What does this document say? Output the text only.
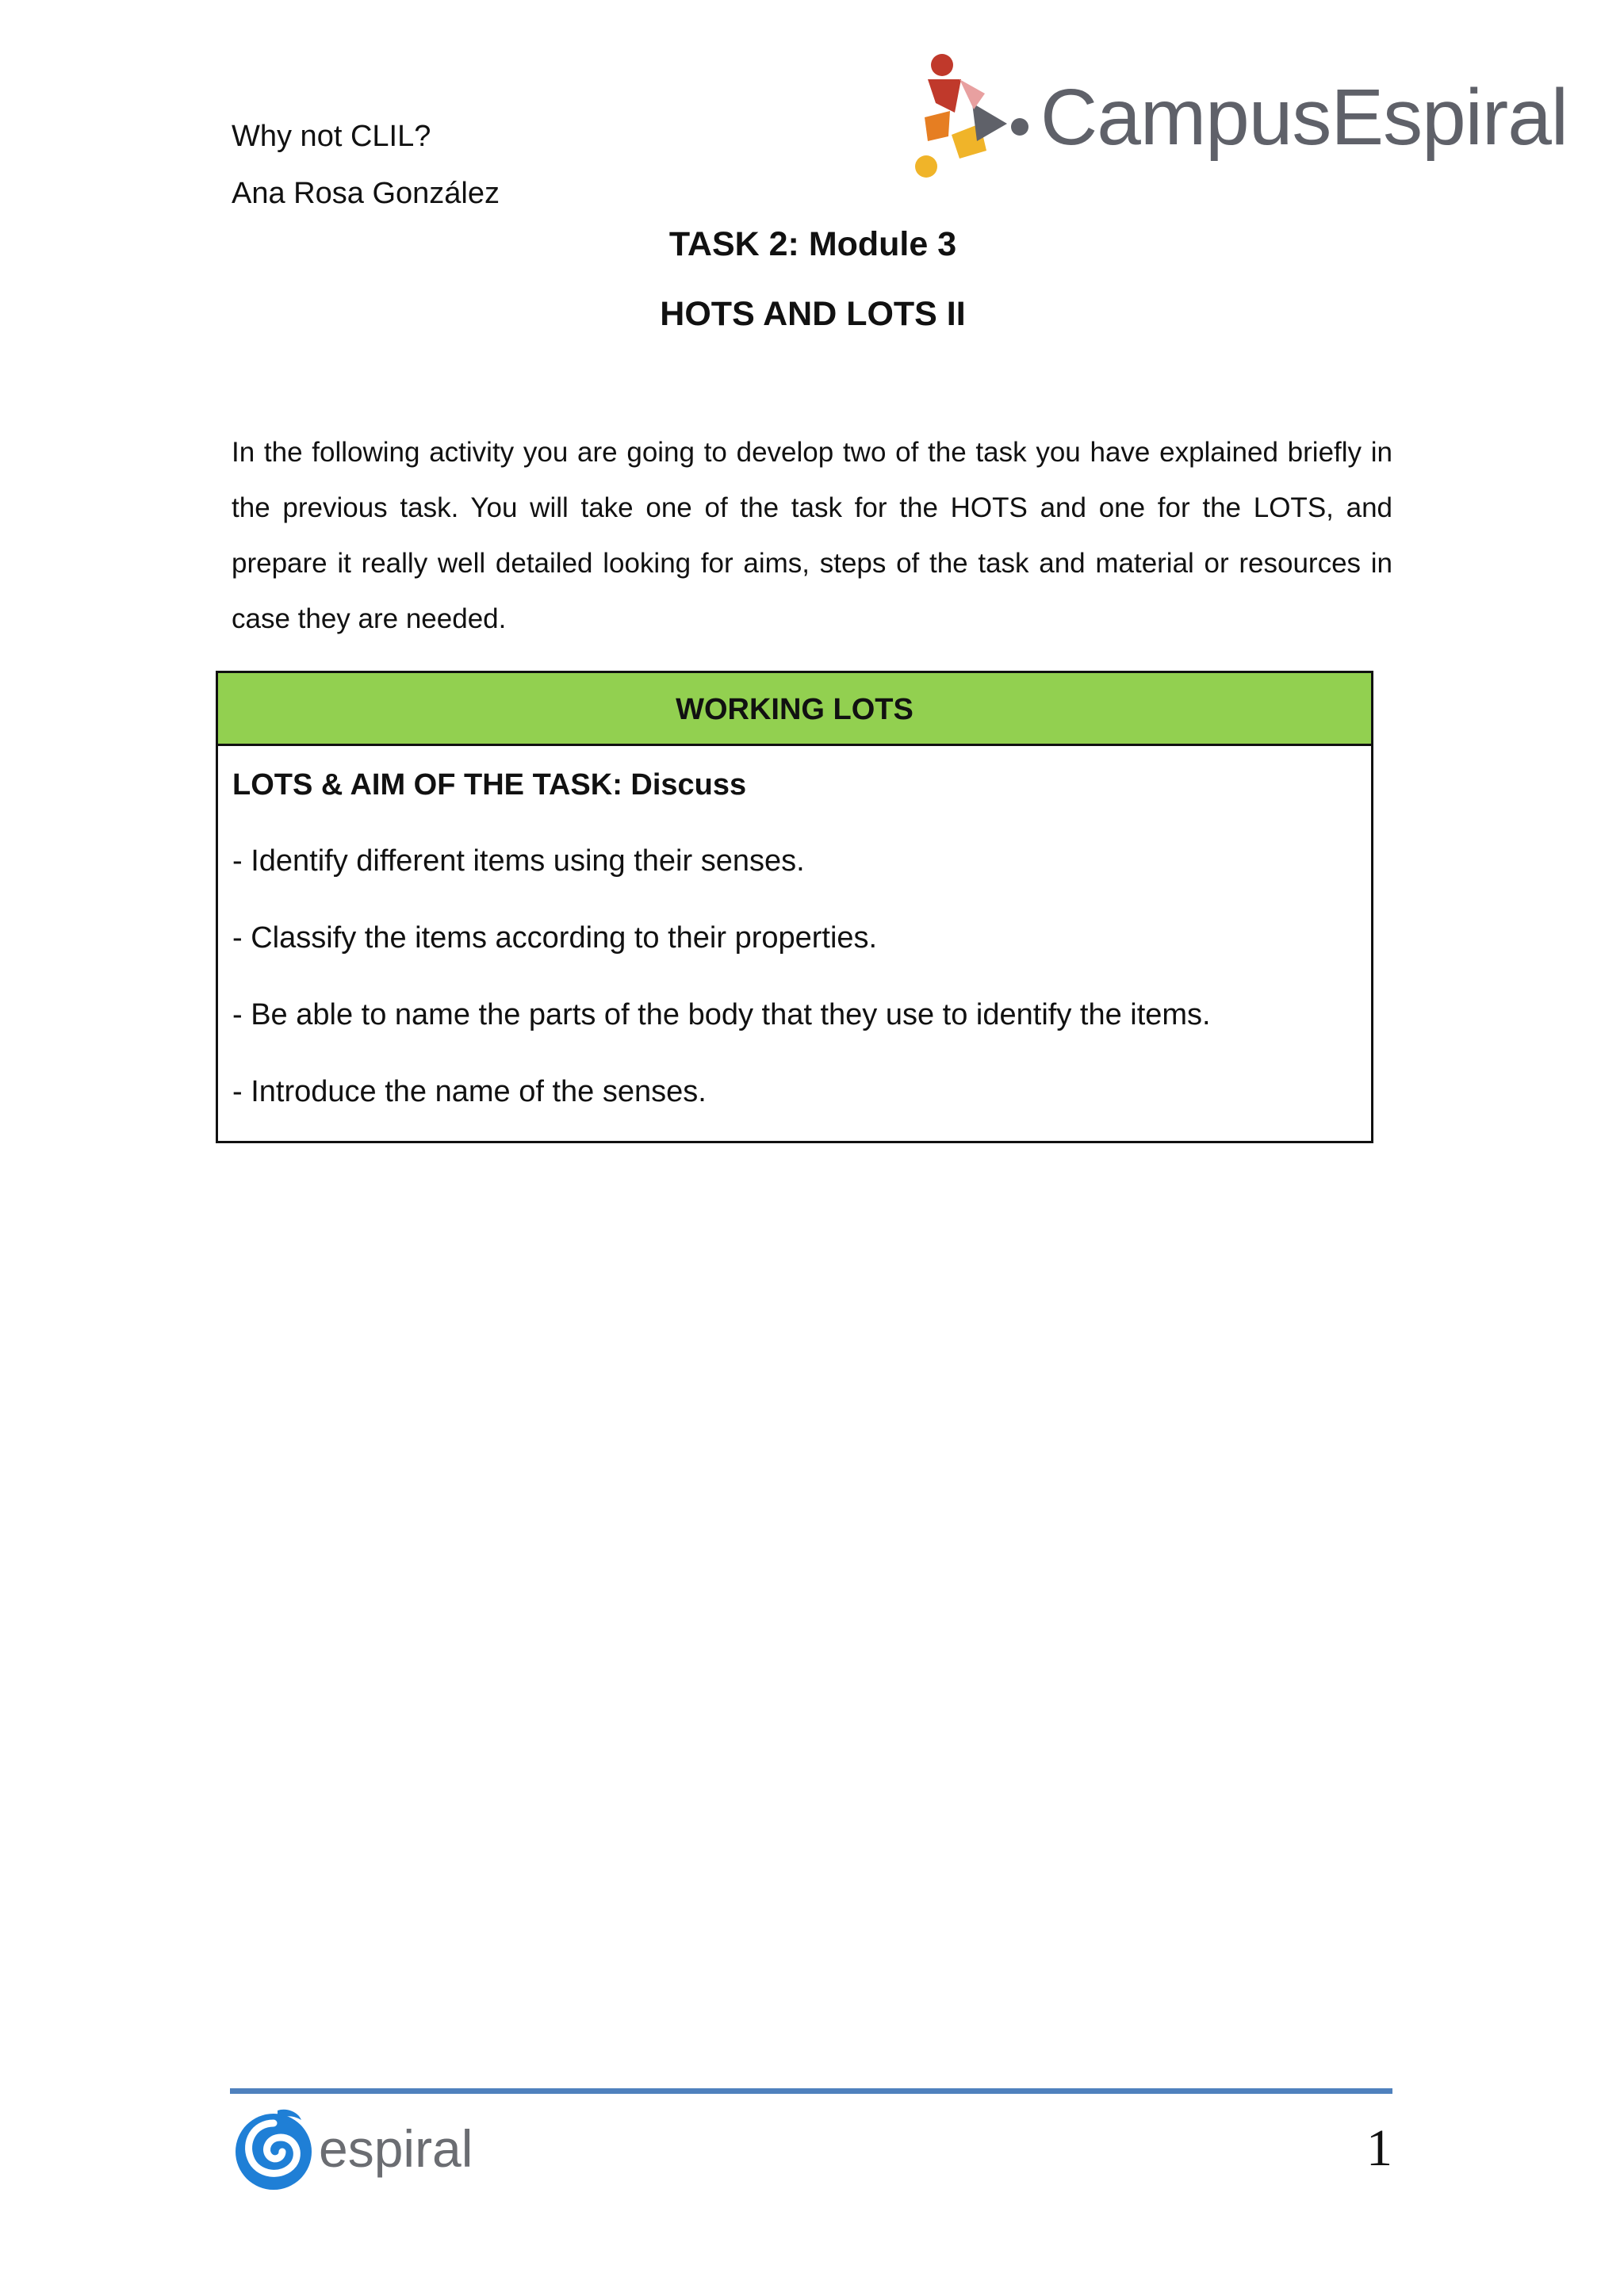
Why not CLIL?
Ana Rosa González
CampusEspiral
TASK 2: Module 3
HOTS AND LOTS II
In the following activity you are going to develop two of the task you have explained briefly in the previous task. You will take one of the task for the HOTS and one for the LOTS, and prepare it really well detailed looking for aims, steps of the task and material or resources in case they are needed.
WORKING LOTS
LOTS & AIM OF THE TASK: Discuss
- Identify different items using their senses.
- Classify the items according to their properties.
- Be able to name the parts of the body that they use to identify the items.
- Introduce the name of the senses.
espiral	1
